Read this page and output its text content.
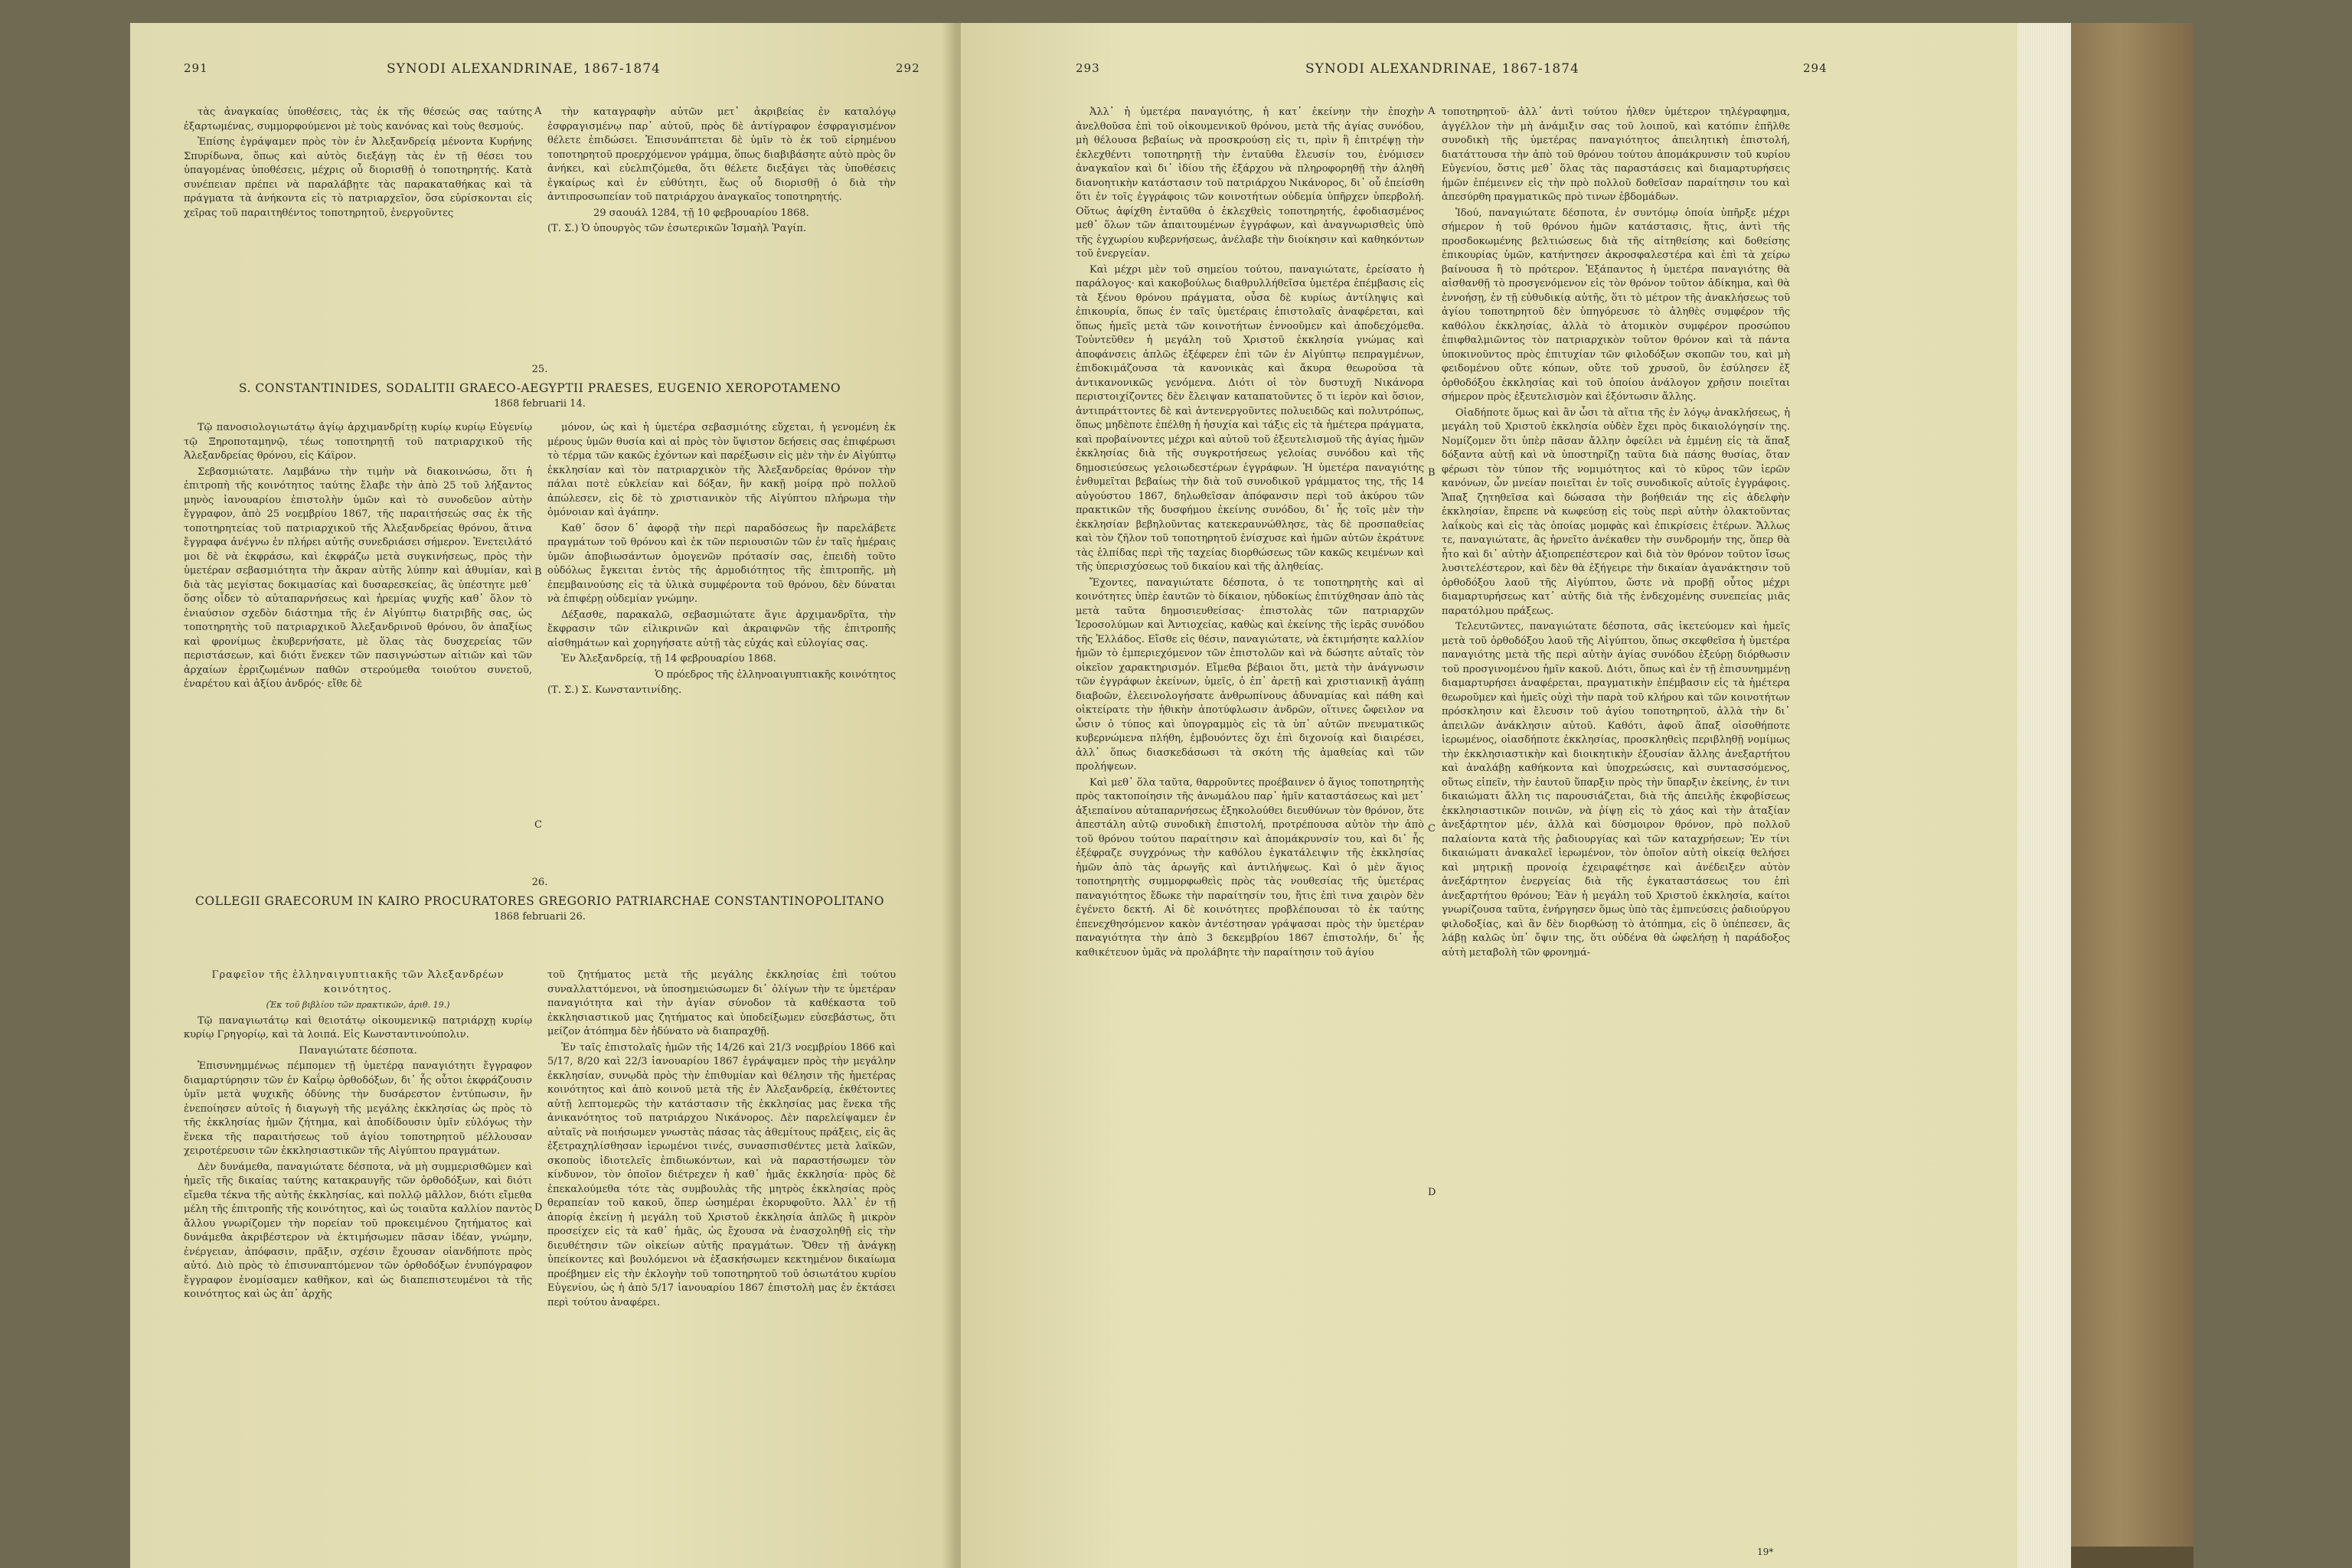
291	SYNODI ALEXANDRINAE, 1867-1874	292

τὰς ἀναγκαίας ὑποθέσεις, τὰς ἐκ τῆς θέσεώς σας ταύτης ἐξαρτωμένας, συμμορφούμενοι μὲ τοὺς κανόνας καὶ τοὺς θεσμούς.

Ἐπίσης ἐγράψαμεν πρὸς τὸν ἐν Ἀλεξανδρείᾳ μένοντα Κυρήνης Σπυρίδωνα, ὅπως καὶ αὐτὸς διεξάγῃ τὰς ἐν τῇ θέσει του ὑπαγομένας ὑποθέσεις, μέχρις οὗ διορισθῇ ὁ τοποτηρητής. Κατὰ συνέπειαν πρέπει νὰ παραλάβῃτε τὰς παρακαταθήκας καὶ τὰ πράγματα τὰ ἀνήκοντα εἰς τὸ πατριαρχεῖον, ὅσα εὑρίσκονται εἰς χεῖρας τοῦ παραιτηθέντος τοποτηρητοῦ, ἐνεργοῦντες

A	τὴν καταγραφὴν αὐτῶν μετ᾿ ἀκριβείας ἐν καταλόγῳ ἐσφραγισμένῳ παρ᾿ αὐτοῦ, πρὸς δὲ ἀντίγραφον ἐσφραγισμένον θέλετε ἐπιδώσει. Ἐπισυνάπτεται δὲ ὑμῖν τὸ ἐκ τοῦ εἰρημένου τοποτηρητοῦ προερχόμενον γράμμα, ὅπως διαβιβάσητε αὐτὸ πρὸς ὃν ἀνήκει, καὶ εὐελπιζόμεθα, ὅτι θέλετε διεξάγει τὰς ὑποθέσεις ἐγκαίρως καὶ ἐν εὐθύτητι, ἕως οὗ διορισθῇ ὁ διὰ τὴν ἀντιπροσωπείαν τοῦ πατριάρχου ἀναγκαῖος τοποτηρητής.

29 σαουάλ 1284, τῇ 10 φεβρουαρίου 1868.

(Τ. Σ.) Ὁ ὑπουργὸς τῶν ἐσωτερικῶν Ἰσμαὴλ Ῥαγίπ.

25.
S. CONSTANTINIDES, SODALITII GRAECO-AEGYPTII PRAESES, EUGENIO XEROPOTAMENO
1868 februarii 14.

Τῷ πανοσιολογιωτάτῳ ἁγίῳ ἀρχιμανδρίτῃ κυρίῳ κυρίῳ Εὐγενίῳ τῷ Ξηροποταμηνῷ, τέως τοποτηρητῇ τοῦ πατριαρχικοῦ τῆς Ἀλεξανδρείας θρόνου, εἰς Κάϊρον.

Σεβασμιώτατε. Λαμβάνω τὴν τιμὴν νὰ διακοινώσω, ὅτι ἡ ἐπιτροπὴ τῆς κοινότητος ταύτης ἔλαβε τὴν ἀπὸ 25 τοῦ λήξαντος μηνὸς ἰανουαρίου ἐπιστολὴν ὑμῶν καὶ τὸ συνοδεῦον αὐτὴν ἔγγραφον, ἀπὸ 25 νοεμβρίου 1867, τῆς παραιτήσεώς σας ἐκ τῆς τοποτηρητείας τοῦ πατριαρχικοῦ τῆς Ἀλεξανδρείας θρόνου, ἅτινα ἔγγραφα ἀνέγνω ἐν πλήρει αὐτῆς συνεδριάσει σήμερον. Ἐνετειλάτό μοι δὲ νὰ ἐκφράσω, καὶ ἐκφράζω μετὰ συγκινήσεως, πρὸς τὴν ὑμετέραν σεβασμιότητα τὴν ἄκραν αὐτῆς λύπην καὶ ἀθυμίαν, καὶ διὰ τὰς μεγίστας δοκιμασίας καὶ δυσαρεσκείας, ἃς ὑπέστητε μεθ᾿ ὅσης οἶδεν τὸ αὐταπαρνήσεως καὶ ἠρεμίας ψυχῆς καθ᾿ ὅλον τὸ ἐνιαύσιον σχεδὸν διάστημα τῆς ἐν Αἰγύπτῳ διατριβῆς σας, ὡς τοποτηρητὴς τοῦ πατριαρχικοῦ Ἀλεξανδρινοῦ θρόνου, ὃν ἀπαξίως καὶ φρονίμως ἐκυβερνήσατε, μὲ ὅλας τὰς δυσχερείας τῶν περιστάσεων, καὶ διότι ἕνεκεν τῶν πασιγνώστων αἰτιῶν καὶ τῶν ἀρχαίων ἐρριζωμένων παθῶν στερούμεθα τοιούτου συνετοῦ, ἐναρέτου καὶ ἀξίου ἀνδρός· εἴθε δὲ

B

μόνον, ὡς καὶ ἡ ὑμετέρα σεβασμιότης εὔχεται, ἡ γενομένη ἐκ μέρους ὑμῶν θυσία καὶ αἱ πρὸς τὸν ὕψιστον δεήσεις σας ἐπιφέρωσι τὸ τέρμα τῶν κακῶς ἐχόντων καὶ παρέξωσιν εἰς μὲν τὴν ἐν Αἰγύπτῳ ἐκκλησίαν καὶ τὸν πατριαρχικὸν τῆς Ἀλεξανδρείας θρόνον τὴν πάλαι ποτὲ εὐκλείαν καὶ δόξαν, ἣν κακῇ μοίρᾳ πρὸ πολλοῦ ἀπώλεσεν, εἰς δὲ τὸ χριστιανικὸν τῆς Αἰγύπτου πλήρωμα τὴν ὁμόνοιαν καὶ ἀγάπην.

Καθ᾿ ὅσον δ᾿ ἀφορᾷ τὴν περὶ παραδόσεως ἢν παρελάβετε πραγμάτων τοῦ θρόνου καὶ ἐκ τῶν περιουσιῶν τῶν ἐν ταῖς ἡμέραις ὑμῶν ἀποβιωσάντων ὁμογενῶν πρότασίν σας, ἐπειδὴ τοῦτο οὐδόλως ἔγκειται ἐντὸς τῆς ἁρμοδιότητος τῆς ἐπιτροπῆς, μὴ ἐπεμβαινούσης εἰς τὰ ὑλικὰ συμφέροντα τοῦ θρόνου, δὲν δύναται νὰ ἐπιφέρῃ οὐδεμίαν γνώμην.

Δέξασθε, παρακαλῶ, σεβασμιώτατε ἅγιε ἀρχιμανδρῖτα, τὴν ἔκφρασιν τῶν εἰλικρινῶν καὶ ἀκραιφνῶν τῆς ἐπιτροπῆς αἰσθημάτων καὶ χορηγήσατε αὐτῇ τὰς εὐχάς καὶ εὐλογίας σας.

Ἐν Ἀλεξανδρείᾳ, τῇ 14 φεβρουαρίου 1868.

Ὁ πρόεδρος τῆς ἑλληνοαιγυπτιακῆς κοινότητος

(Τ. Σ.) Σ. Κωνσταντινίδης.

C
26.
COLLEGII GRAECORUM IN KAIRO PROCURATORES GREGORIO PATRIARCHAE CONSTANTINOPOLITANO
1868 februarii 26.

Γραφεῖον τῆς ἑλληναιγυπτιακῆς τῶν Ἀλεξανδρέων κοινότητος.

(Ἐκ τοῦ βιβλίου τῶν πρακτικῶν, ἀριθ. 19.)

Τῷ παναγιωτάτῳ καὶ θειοτάτῳ οἰκουμενικῷ πατριάρχῃ κυρίῳ κυρίῳ Γρηγορίῳ, καὶ τὰ λοιπά. Εἰς Κωνσταντινούπολιν.

Παναγιώτατε δέσποτα.

Ἐπισυνημμένως πέμπομεν τῇ ὑμετέρᾳ παναγιότητι ἔγγραφον διαμαρτύρησιν τῶν ἐν Καΐρῳ ὀρθοδόξων, δι᾿ ἧς οὗτοι ἐκφράζουσιν ὑμῖν μετὰ ψυχικῆς ὀδύνης τὴν δυσάρεστον ἐντύπωσιν, ἣν ἐνεποίησεν αὐτοῖς ἡ διαγωγὴ τῆς μεγάλης ἐκκλησίας ὡς πρὸς τὸ τῆς ἐκκλησίας ἡμῶν ζήτημα, καὶ ἀποδίδουσιν ὑμῖν εὐλόγως τὴν ἕνεκα τῆς παραιτήσεως τοῦ ἁγίου τοποτηρητοῦ μέλλουσαν χειροτέρευσιν τῶν ἐκκλησιαστικῶν τῆς Αἰγύπτου πραγμάτων.

Δὲν δυνάμεθα, παναγιώτατε δέσποτα, νὰ μὴ συμμερισθῶμεν καὶ ἡμεῖς τῆς δικαίας ταύτης κατακραυγῆς τῶν ὀρθοδόξων, καὶ διότι εἴμεθα τέκνα τῆς αὐτῆς ἐκκλησίας, καὶ πολλῷ μᾶλλον, διότι εἴμεθα μέλη τῆς ἐπιτροπῆς τῆς κοινότητος, καὶ ὡς τοιαῦτα καλλίον παντὸς ἄλλου γνωρίζομεν τὴν πορείαν τοῦ προκειμένου ζητήματος καὶ δυνάμεθα ἀκριβέστερον νὰ ἐκτιμήσωμεν πᾶσαν ἰδέαν, γνώμην, ἐνέργειαν, ἀπόφασιν, πρᾶξιν, σχέσιν ἔχουσαν οἱανδήποτε πρὸς αὐτό. Διὸ πρὸς τὸ ἐπισυναπτόμενον τῶν ὀρθοδόξων ἐνυπόγραφον ἔγγραφον ἑνομίσαμεν καθῆκον, καὶ ὡς διαπεπιστευμένοι τὰ τῆς κοινότητος καὶ ὡς ἀπ᾿ ἀρχῆς

D

τοῦ ζητήματος μετὰ τῆς μεγάλης ἐκκλησίας ἐπὶ τούτου συναλλαττόμενοι, νὰ ὑποσημειώσωμεν δι᾿ ὀλίγων τὴν τε ὑμετέραν παναγιότητα καὶ τὴν ἁγίαν σύνοδον τὰ καθέκαστα τοῦ ἐκκλησιαστικοῦ μας ζητήματος καὶ ὑποδείξωμεν εὐσεβάστως, ὅτι μείζον ἀτόπημα δὲν ἠδύνατο νὰ διαπραχθῇ.

Ἐν ταῖς ἐπιστολαῖς ἡμῶν τῆς 14/26 καὶ 21/3 νοεμβρίου 1866 καὶ 5/17, 8/20 καὶ 22/3 ἰανουαρίου 1867 ἐγράψαμεν πρὸς τὴν μεγάλην ἐκκλησίαν, συνῳδὰ πρὸς τὴν ἐπιθυμίαν καὶ θέλησιν τῆς ἡμετέρας κοινότητος καὶ ἀπὸ κοινοῦ μετὰ τῆς ἐν Ἀλεξανδρείᾳ, ἐκθέτοντες αὐτῇ λεπτομερῶς τὴν κατάστασιν τῆς ἐκκλησίας μας ἕνεκα τῆς ἀνικανότητος τοῦ πατριάρχου Νικάνορος. Δὲν παρελείψαμεν ἐν αὐταῖς νὰ ποιήσωμεν γνωστὰς πάσας τὰς ἀθεμίτους πράξεις, εἰς ἃς ἐξετραχηλίσθησαν ἱερωμένοι τινές, συνασπισθέντες μετὰ λαϊκῶν, σκοποὺς ἰδιοτελεῖς ἐπιδιωκόντων, καὶ νὰ παραστήσωμεν τὸν κίνδυνον, τὸν ὁποῖον διέτρεχεν ἡ καθ᾿ ἡμᾶς ἐκκλησία· πρὸς δὲ ἐπεκαλούμεθα τότε τὰς συμβουλὰς τῆς μητρὸς ἐκκλησίας πρὸς θεραπείαν τοῦ κακοῦ, ὅπερ ὡσημέραι ἐκορυφοῦτο. Ἀλλ᾿ ἐν τῇ ἀπορίᾳ ἐκείνῃ ἡ μεγάλη τοῦ Χριστοῦ ἐκκλησία ἀπλῶς ἢ μικρὸν προσείχεν εἰς τὰ καθ᾿ ἡμᾶς, ὡς ἔχουσα νὰ ἐνασχοληθῇ εἰς τὴν διευθέτησιν τῶν οἰκείων αὐτῆς πραγμάτων. Ὅθεν τῇ ἀνάγκῃ ὑπείκοντες καὶ βουλόμενοι νὰ ἐξασκήσωμεν κεκτημένον δικαίωμα προέβημεν εἰς τὴν ἐκλογὴν τοῦ τοποτηρητοῦ τοῦ ὁσιωτάτου κυρίου Εὐγενίου, ὡς ἡ ἀπὸ 5/17 ἰανουαρίου 1867 ἐπιστολὴ μας ἐν ἐκτάσει περὶ τούτου ἀναφέρει.

293	SYNODI ALEXANDRINAE, 1867-1874	294

Ἀλλ᾿ ἡ ὑμετέρα παναγιότης, ἡ κατ᾿ ἐκείνην τὴν ἐποχὴν ἀνελθοῦσα ἐπὶ τοῦ οἰκουμενικοῦ θρόνου, μετὰ τῆς ἁγίας συνόδου, μὴ θέλουσα βεβαίως νὰ προσκρούσῃ εἰς τι, πρὶν ἢ ἐπιτρέψῃ τὴν ἐκλεχθέντι τοποτηρητῇ τὴν ἐνταῦθα ἔλευσίν του, ἐνόμισεν ἀναγκαῖον καὶ δι᾿ ἰδίου τῆς ἐξάρχου νὰ πληροφορηθῇ τὴν ἀληθῆ διανοητικὴν κατάστασιν τοῦ πατριάρχου Νικάνορος, δι᾿ οὗ ἐπείσθη ὅτι ἐν τοῖς ἐγγράφοις τῶν κοινοτήτων οὐδεμία ὑπῆρχεν ὑπερβολή. Οὕτως ἀφίχθη ἐνταῦθα ὁ ἐκλεχθεὶς τοποτηρητής, ἐφοδιασμένος μεθ᾿ ὅλων τῶν ἀπαιτουμένων ἐγγράφων, καὶ ἀναγνωρισθεὶς ὑπὸ τῆς ἐγχωρίου κυβερνήσεως, ἀνέλαβε τὴν διοίκησιν καὶ καθηκόντων τοῦ ἐνεργείαν.

Καὶ μέχρι μὲν τοῦ σημείου τούτου, παναγιώτατε, ἐρείσατο ἡ παράλογος· καὶ κακοβούλως διαθρυλλήθεῖσα ὑμετέρα ἐπέμβασις εἰς τὰ ξένου θρόνου πράγματα, οὖσα δὲ κυρίως ἀντίληψις καὶ ἐπικουρία, ὅπως ἐν ταῖς ὑμετέραις ἐπιστολαῖς ἀναφέρεται, καὶ ὅπως ἡμεῖς μετὰ τῶν κοινοτήτων ἐννοοῦμεν καὶ ἀποδεχόμεθα. Τοὐντεῦθεν ἡ μεγάλη τοῦ Χριστοῦ ἐκκλησία γνώμας καὶ ἀποφάνσεις ἁπλῶς ἐξέφερεν ἐπὶ τῶν ἐν Αἰγύπτῳ πεπραγμένων, ἐπιδοκιμάζουσα τὰ κανονικὰς καὶ ἄκυρα θεωροῦσα τὰ ἀντικανονικῶς γενόμενα. Διότι οἱ τὸν δυστυχῆ Νικάνορα περιστοιχίζοντες δὲν ἔλειψαν καταπατοῦντες ὅ τι ἱερὸν καὶ ὅσιον, ἀντιπράττοντες δὲ καὶ ἀντενεργοῦντες πολυειδῶς καὶ πολυτρόπως, ὅπως μηδὲποτε ἐπέλθῃ ἡ ἡσυχία καὶ τάξις εἰς τὰ ἡμέτερα πράγματα, καὶ προβαίνοντες μέχρι καὶ αὐτοῦ τοῦ ἐξευτελισμοῦ τῆς ἁγίας ἡμῶν ἐκκλησίας διὰ τῆς συγκροτήσεως γελοίας συνόδου καὶ τῆς δημοσιεύσεως γελοιωδεστέρων ἐγγράφων. Ἡ ὑμετέρα παναγιότης ἐνθυμεῖται βεβαίως τὴν διὰ τοῦ συνοδικοῦ γράμματος της, τῆς 14 αὐγούστου 1867, δηλωθεῖσαν ἀπόφανσιν περὶ τοῦ ἀκύρου τῶν πρακτικῶν τῆς δυσφήμου ἐκείνης συνόδου, δι᾿ ἧς τοῖς μὲν τὴν ἐκκλησίαν βεβηλοῦντας κατεκεραυνώθλησε, τὰς δὲ προσπαθείας καὶ τὸν ζῆλον τοῦ τοποτηρητοῦ ἐνίσχυσε καὶ ἡμῶν αὐτῶν ἐκράτυνε τὰς ἐλπίδας περὶ τῆς ταχείας διορθώσεως τῶν κακῶς κειμένων καὶ τῆς ὑπερισχύσεως τοῦ δικαίου καὶ τῆς ἀληθείας.

Ἔχοντες, παναγιώτατε δέσποτα, ὁ τε τοποτηρητὴς καὶ αἱ κοινότητες ὑπὲρ ἑαυτῶν τὸ δίκαιον, ηὐδοκίως ἐπιτύχθησαν ἀπὸ τὰς μετὰ ταῦτα δημοσιευθείσας· ἐπιστολὰς τῶν πατριαρχῶν Ἱεροσολύμων καὶ Ἀντιοχείας, καθὼς καὶ ἐκείνης τῆς ἱερᾶς συνόδου τῆς Ἑλλάδος. Εἴσθε εἰς θέσιν, παναγιώτατε, νὰ ἐκτιμήσητε καλλίον ἡμῶν τὸ ἐμπεριεχόμενον τῶν ἐπιστολῶν καὶ νὰ δώσητε αὐταῖς τὸν οἰκεῖον χαρακτηρισμόν. Εἴμεθα βέβαιοι ὅτι, μετὰ τὴν ἀνάγνωσιν τῶν ἐγγράφων ἐκείνων, ὑμεῖς, ὁ ἐπ᾿ ἀρετῇ καὶ χριστιανικῇ ἀγάπῃ διαβοῶν, ἐλεεινολογήσατε ἀνθρωπίνους ἀδυναμίας καὶ πάθη καὶ οἰκτείρατε τὴν ἠθικὴν ἀποτύφλωσιν ἀνδρῶν, οἵτινες ὤφειλον να ὦσιν ὁ τύπος καὶ ὑπογραμμὸς εἰς τὰ ὑπ᾿ αὐτῶν πνευματικῶς κυβερνώμενα πλήθη, ἐμβουόντες ὅχι ἐπὶ διχονοίᾳ καὶ διαιρέσει, ἀλλ᾿ ὅπως διασκεδάσωσι τὰ σκότη τῆς ἀμαθείας καὶ τῶν προλήψεων.

Καὶ μεθ᾿ ὅλα ταῦτα, θαρροῦντες προέβαινεν ὁ ἅγιος τοποτηρητὴς πρὸς τακτοποίησιν τῆς ἀνωμάλου παρ᾿ ἡμῖν καταστάσεως καὶ μετ᾿ ἀξιεπαίνου αὐταπαρνήσεως ἐξηκολούθει διευθύνων τὸν θρόνον, ὅτε ἀπεστάλη αὐτῷ συνοδικὴ ἐπιστολή, προτρέπουσα αὐτὸν τὴν ἀπὸ τοῦ θρόνου τούτου παραίτησιν καὶ ἀπομάκρυνσίν του, καὶ δι᾿ ἧς ἐξέφραζε συγχρόνως τὴν καθόλου ἐγκατάλειψιν τῆς ἐκκλησίας ἡμῶν ἀπὸ τὰς ἀρωγῆς καὶ ἀντιλήψεως. Καὶ ὁ μὲν ἅγιος τοποτηρητὴς συμμορφωθεὶς πρὸς τὰς νουθεσίας τῆς ὑμετέρας παναγιότητος ἔδωκε τὴν παραίτησίν του, ἥτις ἐπὶ τινα χαιρὸν δὲν ἐγένετο δεκτή. Αἱ δὲ κοινότητες προβλέπουσαι τὸ ἐκ ταύτης ἐπενεχθησόμενον κακὸν ἀντέστησαν γράψασαι πρὸς τὴν ὑμετέραν παναγιότητα τὴν ἀπὸ 3 δεκεμβρίου 1867 ἐπιστολήν, δι᾿ ἧς καθικέτευον ὑμᾶς νὰ προλάβητε τὴν παραίτησιν τοῦ ἁγίου

A
B
C
D

τοποτηρητοῦ· ἀλλ᾿ ἀντὶ τούτου ἦλθεν ὑμέτερον τηλέγραφημα, ἀγγέλλον τὴν μὴ ἀνάμιξιν σας τοῦ λοιποῦ, καὶ κατόπιν ἐπῆλθε συνοδικὴ τῆς ὑμετέρας παναγιότητος ἀπειλητικὴ ἐπιστολή, διατάττουσα τὴν ἀπὸ τοῦ θρόνου τούτου ἀπομάκρυνσιν τοῦ κυρίου Εὐγενίου, ὅστις μεθ᾿ ὅλας τὰς παραστάσεις καὶ διαμαρτυρήσεις ἡμῶν ἐπέμεινεν εἰς τὴν πρὸ πολλοῦ δοθεῖσαν παραίτησιν του καὶ ἀπεσύρθη πραγματικῶς πρὸ τινων ἑβδομάδων.

Ἰδού, παναγιώτατε δέσποτα, ἐν συντόμῳ ὁποία ὑπῆρξε μέχρι σήμερον ἡ τοῦ θρόνου ἡμῶν κατάστασις, ἥτις, ἀντὶ τῆς προσδοκωμένης βελτιώσεως διὰ τῆς αἰτηθείσης καὶ δοθείσης ἐπικουρίας ὑμῶν, κατήντησεν ἀκροσφαλεστέρα καὶ ἐπὶ τὰ χείρω βαίνουσα ἢ τὸ πρότερον. Ἐξάπαντος ἡ ὑμετέρα παναγιότης θὰ αἰσθανθῇ τὸ προσγενόμενον εἰς τὸν θρόνον τοῦτον ἀδίκημα, καὶ θὰ ἐννοήσῃ, ἐν τῇ εὐθυδικίᾳ αὐτῆς, ὅτι τὸ μέτρον τῆς ἀνακλήσεως τοῦ ἁγίου τοποτηρητοῦ δὲν ὑπηγόρευσε τὸ ἀληθὲς συμφέρον τῆς καθόλου ἐκκλησίας, ἀλλὰ τὸ ἀτομικὸν συμφέρον προσώπου ἐπιφθαλμιῶντος τὸν πατριαρχικὸν τοῦτον θρόνον καὶ τὰ πάντα ὑποκινοῦντος πρὸς ἐπιτυχίαν τῶν φιλοδόξων σκοπῶν του, καὶ μὴ φειδομένου οὔτε κόπων, οὔτε τοῦ χρυσοῦ, ὃν ἐσύλησεν ἐξ ὀρθοδόξου ἐκκλησίας καὶ τοῦ ὁποίου ἀνάλογον χρῆσιν ποιεῖται σήμερον πρὸς ἐξευτελισμὸν καὶ ἑξόντωσιν ἄλλης.

Οἰαδήποτε ὅμως καὶ ἂν ὦσι τὰ αἴτια τῆς ἐν λόγῳ ἀνακλήσεως, ἡ μεγάλη τοῦ Χριστοῦ ἐκκλησία οὐδὲν ἔχει πρὸς δικαιολόγησίν της. Νομίζομεν ὅτι ὑπὲρ πᾶσαν ἄλλην ὀφείλει νὰ ἐμμένῃ εἰς τὰ ἅπαξ δόξαντα αὐτῇ καὶ νὰ ὑποστηρίζῃ ταῦτα διὰ πάσης θυσίας, ὅταν φέρωσι τὸν τύπον τῆς νομιμότητος καὶ τὸ κῦρος τῶν ἱερῶν κανόνων, ὧν μνείαν ποιεῖται ἐν τοῖς συνοδικοῖς αὐτοῖς ἐγγράφοις. Ἅπαξ ζητηθεῖσα καὶ δώσασα τὴν βοήθειάν της εἰς ἀδελφὴν ἐκκλησίαν, ἔπρεπε νὰ κωφεύσῃ εἰς τοὺς περὶ αὐτὴν ὀλακτοῦντας λαΐκοὺς καὶ εἰς τὰς ὁποίας μομφὰς καὶ ἐπικρίσεις ἑτέρων. Ἄλλως τε, παναγιώτατε, ἂς ἠρνεῖτο ἀνέκαθεν τὴν συνδρομήν της, ὅπερ θὰ ἦτο καὶ δι᾿ αὐτὴν ἀξιοπρεπέστερον καὶ διὰ τὸν θρόνον τοῦτον ἴσως λυσιτελέστερον, καὶ δὲν θὰ ἐξήγειρε τὴν δικαίαν ἀγανάκτησιν τοῦ ὀρθοδόξου λαοῦ τῆς Αἰγύπτου, ὥστε νὰ προβῇ οὗτος μέχρι διαμαρτυρήσεως κατ᾿ αὐτῆς διὰ τῆς ἐνδεχομένης συνεπείας μιᾶς παρατόλμου πράξεως.

Τελευτῶντες, παναγιώτατε δέσποτα, σᾶς ἱκετεύομεν καὶ ἡμεῖς μετὰ τοῦ ὀρθοδόξου λαοῦ τῆς Αἰγύπτου, ὅπως σκεφθεῖσα ἡ ὑμετέρα παναγιότης μετὰ τῆς περὶ αὐτὴν ἁγίας συνόδου ἐξεύρῃ διόρθωσιν τοῦ προσγινομένου ἡμῖν κακοῦ. Διότι, ὅπως καὶ ἐν τῇ ἐπισυνημμένῃ διαμαρτυρήσει ἀναφέρεται, πραγματικὴν ἐπέμβασιν εἰς τὰ ἡμέτερα θεωροῦμεν καὶ ἡμεῖς οὐχὶ τὴν παρὰ τοῦ κλήρου καὶ τῶν κοινοτήτων πρόσκλησιν καὶ ἔλευσιν τοῦ ἁγίου τοποτηρητοῦ, ἀλλὰ τὴν δι᾿ ἀπειλῶν ἀνάκλησιν αὐτοῦ. Καθότι, ἀφοῦ ἅπαξ οἰσοθήποτε ἱερωμένος, οἰασδήποτε ἐκκλησίας, προσκληθεὶς περιβληθῇ νομίμως τὴν ἐκκλησιαστικὴν καὶ διοικητικὴν ἐξουσίαν ἄλλης ἀνεξαρτήτου καὶ ἀναλάβῃ καθήκοντα καὶ ὑποχρεώσεις, καὶ συντασσόμενος, οὕτως εἰπεῖν, τὴν ἑαυτοῦ ὕπαρξιν πρὸς τὴν ὕπαρξιν ἐκείνης, ἐν τινι δικαιώματι ἄλλη τις παρουσιάζεται, διὰ τῆς ἀπειλῆς ἐκφοβίσεως ἐκκλησιαστικῶν ποινῶν, νὰ ῥίψῃ εἰς τὸ χάος καὶ τὴν ἀταξίαν ἀνεξάρτητον μέν, ἀλλὰ καὶ δύσμοιρον θρόνον, πρὸ πολλοῦ παλαίοντα κατὰ τῆς ῥαδιουργίας καὶ τῶν καταχρήσεων; Ἐν τίνι δικαιώματι ἀνακαλεῖ ἱερωμένον, τὸν ὁποῖον αὐτὴ οἰκείᾳ θελήσει καὶ μητρικῇ προνοίᾳ ἐχειραφέτησε καὶ ἀνέδειξεν αὐτὸν ἀνεξάρτητον ἐνεργείας διὰ τῆς ἐγκαταστάσεως του ἐπὶ ἀνεξαρτήτου θρόνου; Ἐὰν ἡ μεγάλη τοῦ Χριστοῦ ἐκκλησία, καίτοι γνωρίζουσα ταῦτα, ἐνήργησεν ὅμως ὑπὸ τὰς ἐμπνεύσεις ῥαδιούργου φιλοδοξίας, καὶ ἂν δὲν διορθώσῃ τὸ ἀτόπημα, εἰς ὃ ὑπέπεσεν, ἂς λάβῃ καλῶς ὑπ᾿ ὄψιν της, ὅτι οὐδένα θὰ ὠφελήσῃ ἡ παράδοξος αὐτὴ μεταβολὴ τῶν φρονημά-

19*
